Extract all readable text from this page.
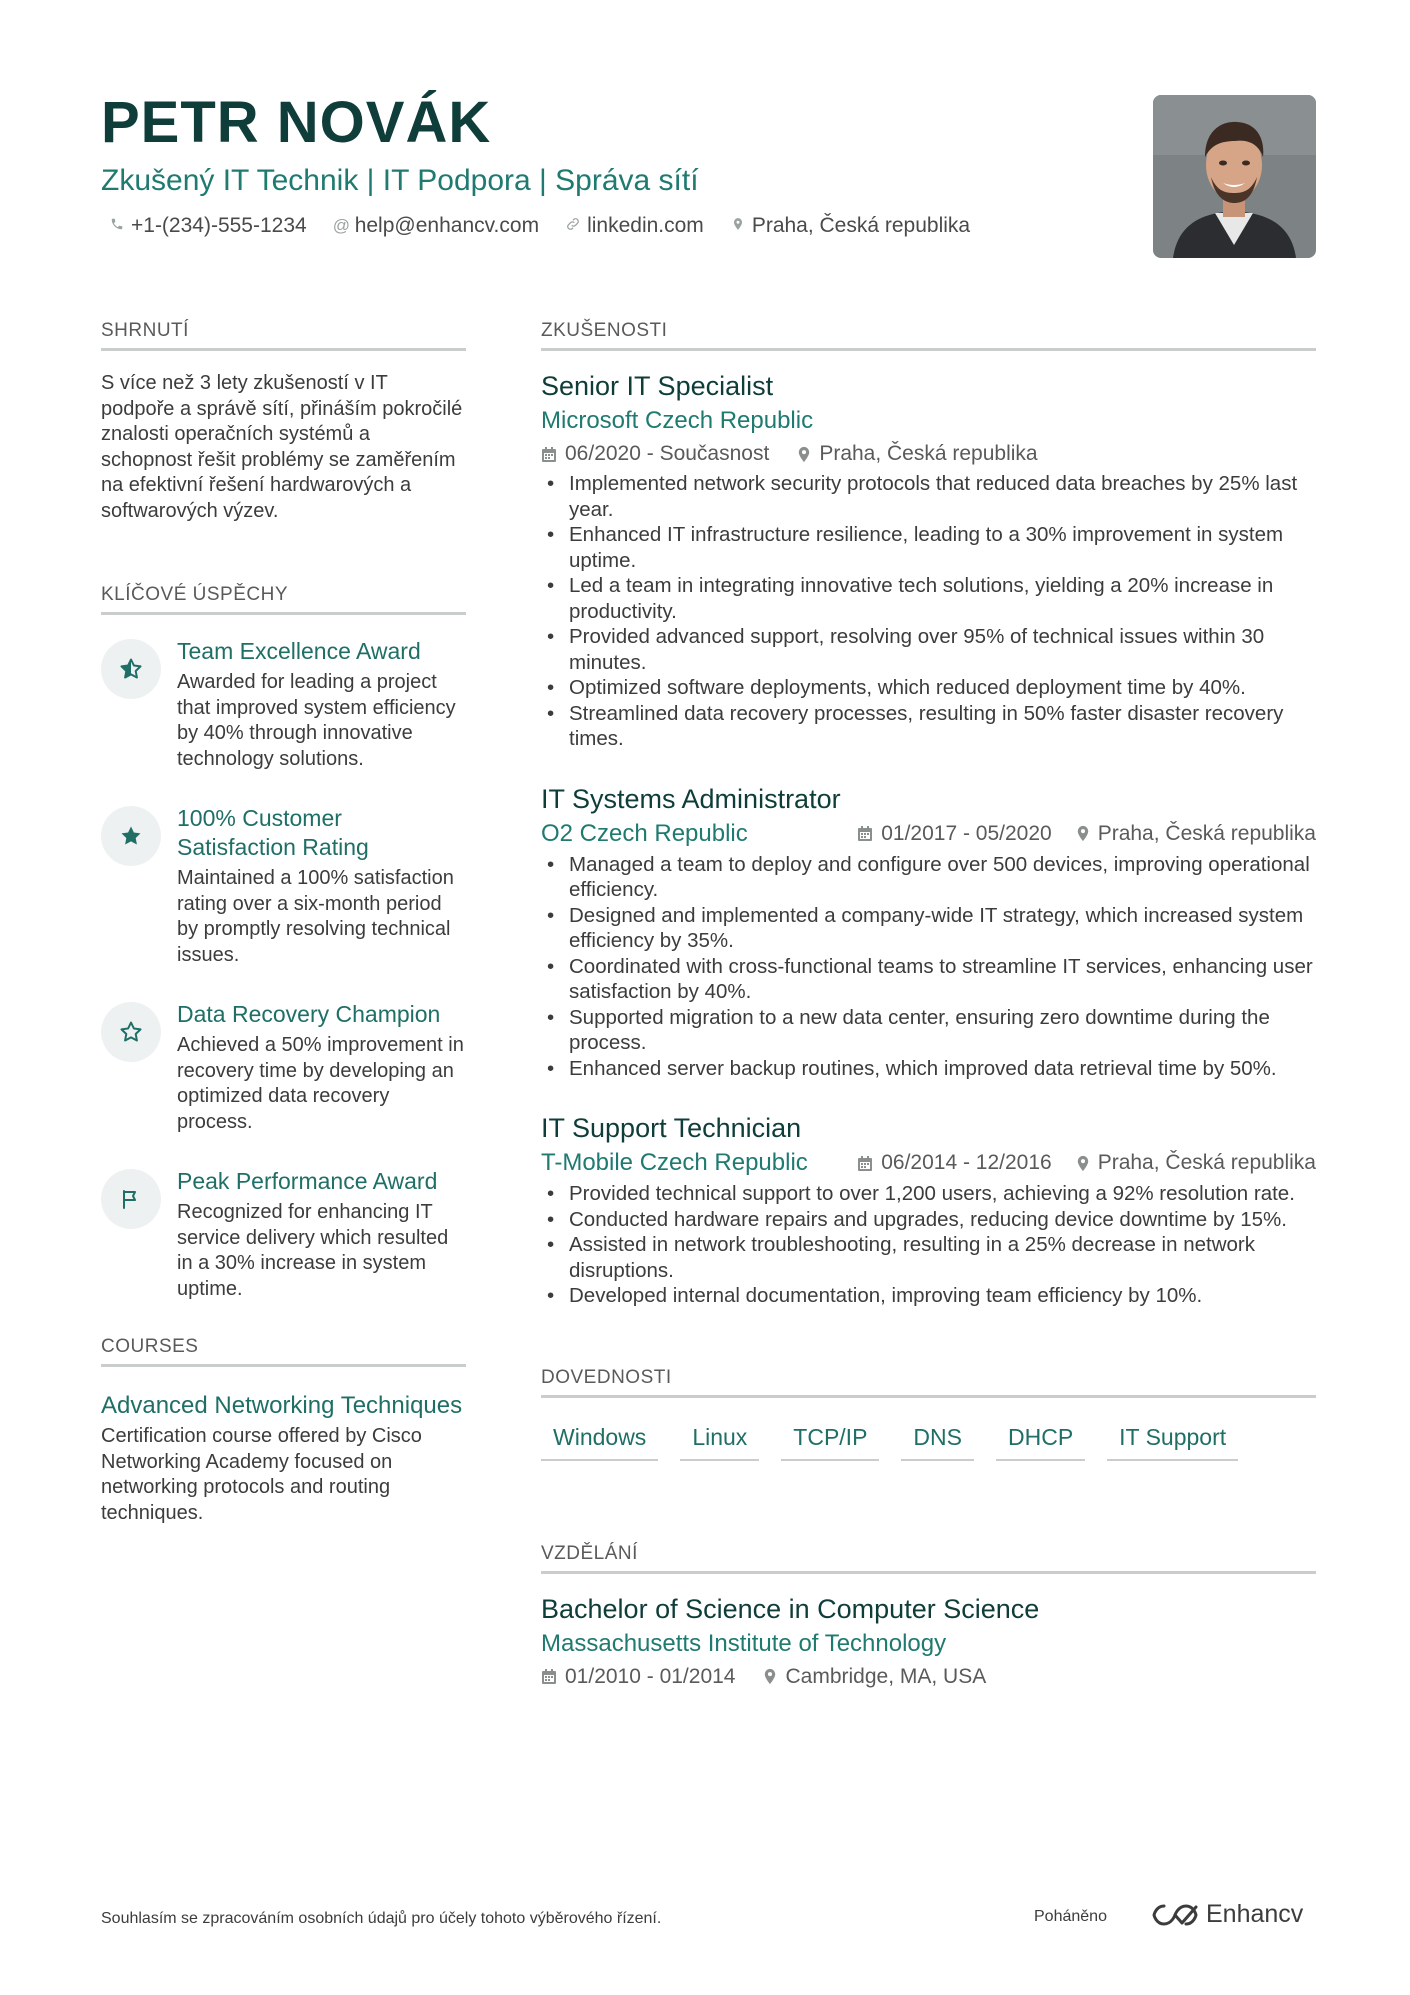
PETR NOVÁK
Zkušený IT Technik | IT Podpora | Správa sítí
+1-(234)-555-1234 @ help@enhancv.com linkedin.com Praha, Česká republika
SHRNUTÍ
S více než 3 lety zkušeností v IT podpoře a správě sítí, přináším pokročilé znalosti operačních systémů a schopnost řešit problémy se zaměřením na efektivní řešení hardwarových a softwarových výzev.
KLÍČOVÉ ÚSPĚCHY
Team Excellence Award
Awarded for leading a project that improved system efficiency by 40% through innovative technology solutions.
100% Customer Satisfaction Rating
Maintained a 100% satisfaction rating over a six-month period by promptly resolving technical issues.
Data Recovery Champion
Achieved a 50% improvement in recovery time by developing an optimized data recovery process.
Peak Performance Award
Recognized for enhancing IT service delivery which resulted in a 30% increase in system uptime.
COURSES
Advanced Networking Techniques
Certification course offered by Cisco Networking Academy focused on networking protocols and routing techniques.
ZKUŠENOSTI
Senior IT Specialist
Microsoft Czech Republic
06/2020 - Současnost Praha, Česká republika
• Implemented network security protocols that reduced data breaches by 25% last year.
• Enhanced IT infrastructure resilience, leading to a 30% improvement in system uptime.
• Led a team in integrating innovative tech solutions, yielding a 20% increase in productivity.
• Provided advanced support, resolving over 95% of technical issues within 30 minutes.
• Optimized software deployments, which reduced deployment time by 40%.
• Streamlined data recovery processes, resulting in 50% faster disaster recovery times.
IT Systems Administrator
O2 Czech Republic	01/2017 - 05/2020 Praha, Česká republika
• Managed a team to deploy and configure over 500 devices, improving operational efficiency.
• Designed and implemented a company-wide IT strategy, which increased system efficiency by 35%.
• Coordinated with cross-functional teams to streamline IT services, enhancing user satisfaction by 40%.
• Supported migration to a new data center, ensuring zero downtime during the process.
• Enhanced server backup routines, which improved data retrieval time by 50%.
IT Support Technician
T-Mobile Czech Republic	06/2014 - 12/2016 Praha, Česká republika
• Provided technical support to over 1,200 users, achieving a 92% resolution rate.
• Conducted hardware repairs and upgrades, reducing device downtime by 15%.
• Assisted in network troubleshooting, resulting in a 25% decrease in network disruptions.
• Developed internal documentation, improving team efficiency by 10%.
DOVEDNOSTI
Windows	Linux	TCP/IP	DNS	DHCP	IT Support
VZDĚLÁNÍ
Bachelor of Science in Computer Science
Massachusetts Institute of Technology
01/2010 - 01/2014 Cambridge, MA, USA
Souhlasím se zpracováním osobních údajů pro účely tohoto výběrového řízení.	Poháněno	Enhancv
